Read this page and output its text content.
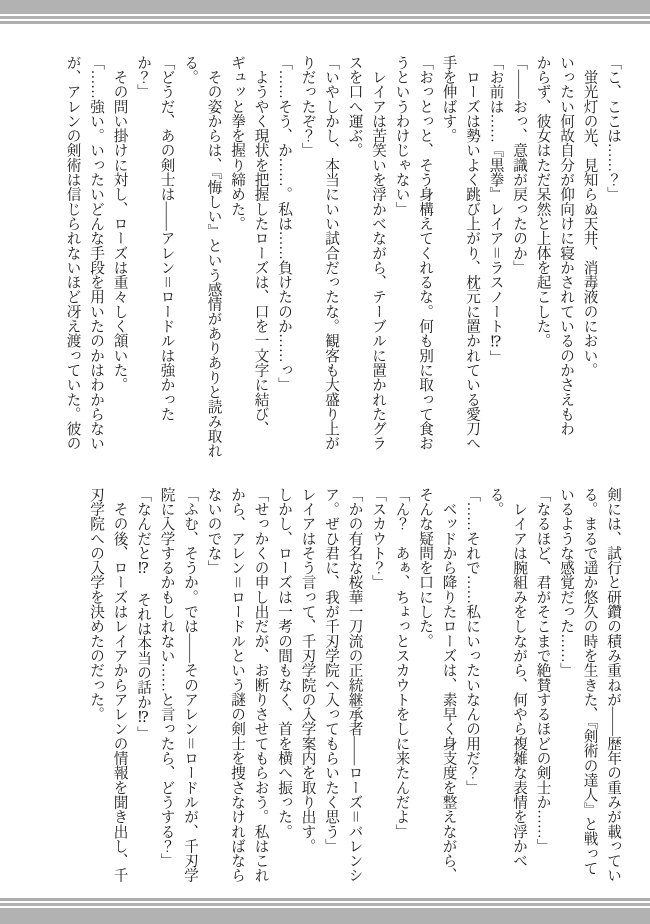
「こ、ここは……？」

　蛍光灯の光、見知らぬ天井、消毒液のにおい。

いったい何故自分が仰向けに寝かされているのかさえもわ

からず、彼女はただ呆然と上体を起こした。

「――おっ、意識が戻ったのか」

「お前は……『黒拳』レイア＝ラスノート⁉」

　ローズは勢いよく跳び上がり、枕元に置かれている愛刀へ

手を伸ばす。

「おっとっと、そう身構えてくれるな。何も別に取って食お

うというわけじゃない」

　レイアは苦笑いを浮かべながら、テーブルに置かれたグラ

スを口へ運ぶ。

「いやしかし、本当にいい試合だったな。観客も大盛り上が

りだったぞ？」

「……そう、か……。私は……負けたのか……っ」

　ようやく現状を把握したローズは、口を一文字に結び、

ギュッと拳を握り締めた。

　その姿からは、『悔しい』という感情がありありと読み取れ

る。

「どうだ、あの剣士は――アレン＝ロードルは強かった

か？」

　その問い掛けに対し、ローズは重々しく頷いた。

「……強い。いったいどんな手段を用いたのかはわからない

が、アレンの剣術は信じられないほど冴え渡っていた。彼の

剣には、試行と研鑽の積み重ねが――歴年の重みが載ってい

る。まるで遥か悠久の時を生きた、『剣術の達人』と戦って

いるような感覚だった……」

「なるほど、君がそこまで絶賛するほどの剣士か……」

　レイアは腕組みをしながら、何やら複雑な表情を浮かべ

る。

「……それで……私にいったいなんの用だ？」

　ベッドから降りたローズは、素早く身支度を整えながら、

そんな疑問を口にした。

「ん？　あぁ、ちょっとスカウトをしに来たんだよ」

「スカウト？」

「かの有名な桜華一刀流の正統継承者――ローズ＝バレンシ

ア。ぜひ君に、我が千刃学院へ入ってもらいたく思う」

レイアはそう言って、千刃学院の入学案内を取り出す。

しかし、ローズは一考の間もなく、首を横へ振った。

「せっかくの申し出だが、お断りさせてもらおう。私はこれ

から、アレン＝ロードルという謎の剣士を捜さなければなら

ないのでな」

「ふむ、そうか。では――そのアレン＝ロードルが、千刃学

院に入学するかもしれない……と言ったら、どうする？」

「なんだと⁉　それは本当の話か⁉」

　その後、ローズはレイアからアレンの情報を聞き出し、千

刃学院への入学を決めたのだった。
